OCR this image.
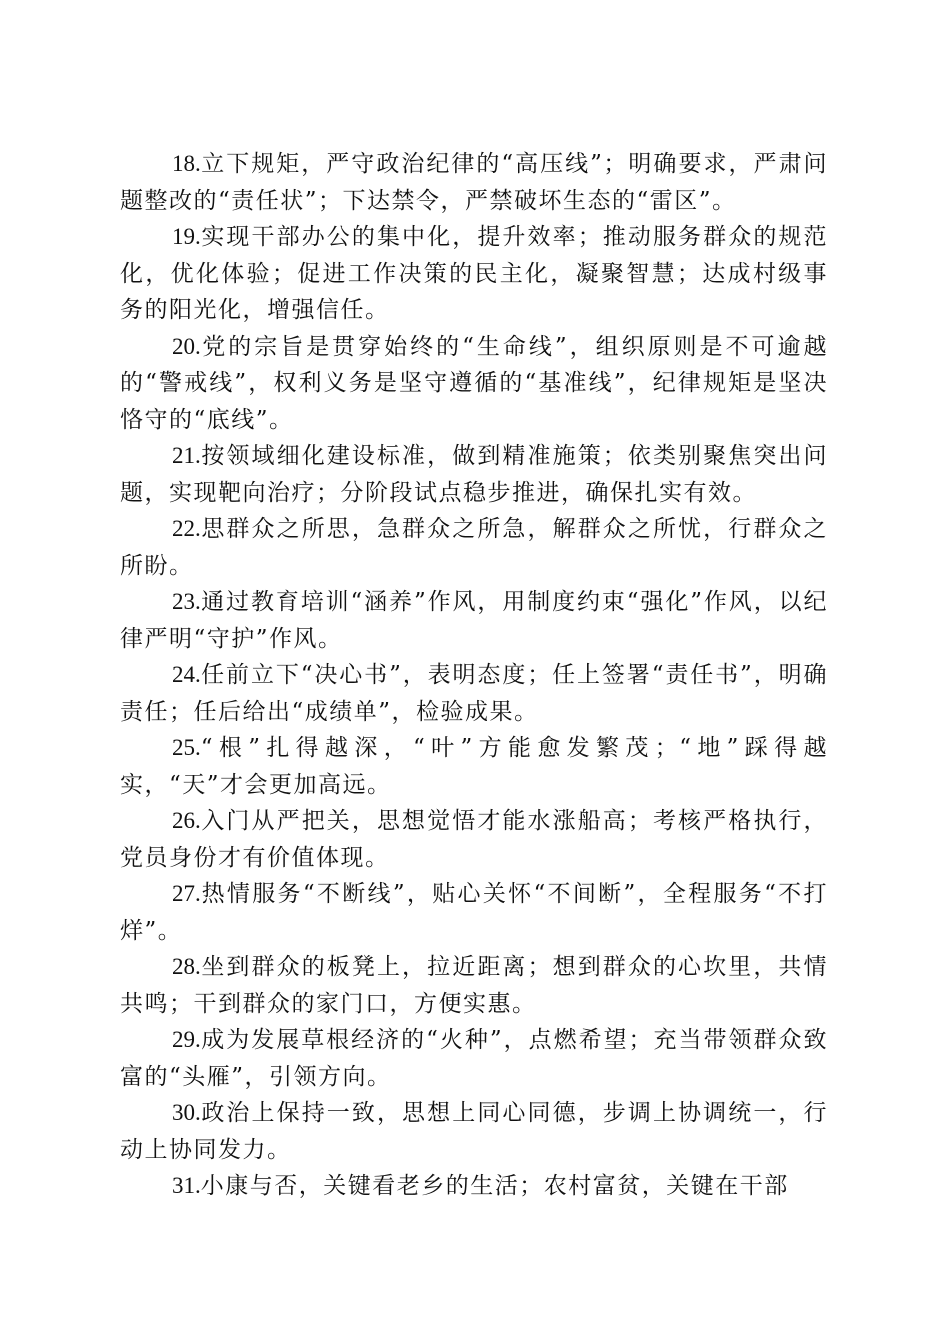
18.立下规矩，严守政治纪律的“高压线”；明确要求，严肃问题整改的“责任状”；下达禁令，严禁破坏生态的“雷区”。

19.实现干部办公的集中化，提升效率；推动服务群众的规范化，优化体验；促进工作决策的民主化，凝聚智慧；达成村级事务的阳光化，增强信任。

20.党的宗旨是贯穿始终的“生命线”，组织原则是不可逾越的“警戒线”，权利义务是坚守遵循的“基准线”，纪律规矩是坚决恪守的“底线”。

21.按领域细化建设标准，做到精准施策；依类别聚焦突出问题，实现靶向治疗；分阶段试点稳步推进，确保扎实有效。

22.思群众之所思，急群众之所急，解群众之所忧，行群众之所盼。

23.通过教育培训“涵养”作风，用制度约束“强化”作风，以纪律严明“守护”作风。

24.任前立下“决心书”，表明态度；任上签署“责任书”，明确责任；任后给出“成绩单”，检验成果。

25.“根”扎得越深，“叶”方能愈发繁茂；“地”踩得越实，“天”才会更加高远。

26.入门从严把关，思想觉悟才能水涨船高；考核严格执行，党员身份才有价值体现。

27.热情服务“不断线”，贴心关怀“不间断”，全程服务“不打烊”。

28.坐到群众的板凳上，拉近距离；想到群众的心坎里，共情共鸣；干到群众的家门口，方便实惠。

29.成为发展草根经济的“火种”，点燃希望；充当带领群众致富的“头雁”，引领方向。

30.政治上保持一致，思想上同心同德，步调上协调统一，行动上协同发力。

31.小康与否，关键看老乡的生活；农村富贫，关键在干部
